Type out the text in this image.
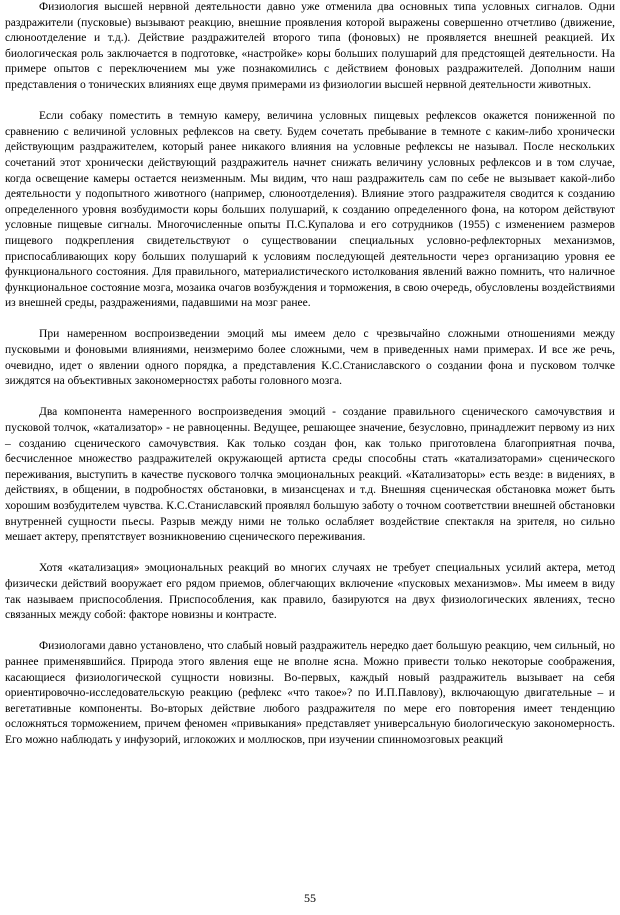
Физиология высшей нервной деятельности давно уже отменила два основных типа условных сигналов. Одни раздражители (пусковые) вызывают реакцию, внешние проявления которой выражены совершенно отчетливо (движение, слюноотделение и т.д.). Действие раздражителей второго типа (фоновых) не проявляется внешней реакцией. Их биологическая роль заключается в подготовке, «настройке» коры больших полушарий для предстоящей деятельности. На примере опытов с переключением мы уже познакомились с действием фоновых раздражителей. Дополним наши представления о тонических влияниях еще двумя примерами из физиологии высшей нервной деятельности животных.

Если собаку поместить в темную камеру, величина условных пищевых рефлексов окажется пониженной по сравнению с величиной условных рефлексов на свету. Будем сочетать пребывание в темноте с каким-либо хронически действующим раздражителем, который ранее никакого влияния на условные рефлексы не называл. После нескольких сочетаний этот хронически действующий раздражитель начнет снижать величину условных рефлексов и в том случае, когда освещение камеры остается неизменным. Мы видим, что наш раздражитель сам по себе не вызывает какой-либо деятельности у подопытного животного (например, слюноотделения). Влияние этого раздражителя сводится к созданию определенного уровня возбудимости коры больших полушарий, к созданию определенного фона, на котором действуют условные пищевые сигналы. Многочисленные опыты П.С.Купалова и его сотрудников (1955) с изменением размеров пищевого подкрепления свидетельствуют о существовании специальных условно-рефлекторных механизмов, приспосабливающих кору больших полушарий к условиям последующей деятельности через организацию уровня ее функционального состояния. Для правильного, материалистического истолкования явлений важно помнить, что наличное функциональное состояние мозга, мозаика очагов возбуждения и торможения, в свою очередь, обусловлены воздействиями из внешней среды, раздражениями, падавшими на мозг ранее.

При намеренном воспроизведении эмоций мы имеем дело с чрезвычайно сложными отношениями между пусковыми и фоновыми влияниями, неизмеримо более сложными, чем в приведенных нами примерах. И все же речь, очевидно, идет о явлении одного порядка, а представления К.С.Станиславского о создании фона и пусковом толчке зиждятся на объективных закономерностях работы головного мозга.

Два компонента намеренного воспроизведения эмоций - создание правильного сценического самочувствия и пусковой толчок, «катализатор» - не равноценны. Ведущее, решающее значение, безусловно, принадлежит первому из них – созданию сценического самочувствия. Как только создан фон, как только приготовлена благоприятная почва, бесчисленное множество раздражителей окружающей артиста среды способны стать «катализаторами» сценического переживания, выступить в качестве пускового толчка эмоциональных реакций. «Катализаторы» есть везде: в видениях, в действиях, в общении, в подробностях обстановки, в мизансценах и т.д. Внешняя сценическая обстановка может быть хорошим возбудителем чувства. К.С.Станиславский проявлял большую заботу о точном соответствии внешней обстановки внутренней сущности пьесы. Разрыв между ними не только ослабляет воздействие спектакля на зрителя, но сильно мешает актеру, препятствует возникновению сценического переживания.

Хотя «катализация» эмоциональных реакций во многих случаях не требует специальных усилий актера, метод физически действий вооружает его рядом приемов, облегчающих включение «пусковых механизмов». Мы имеем в виду так называем приспособления. Приспособления, как правило, базируются на двух физиологических явлениях, тесно связанных между собой: факторе новизны и контрасте.

Физиологами давно установлено, что слабый новый раздражитель нередко дает большую реакцию, чем сильный, но раннее применявшийся. Природа этого явления еще не вполне ясна. Можно привести только некоторые соображения, касающиеся физиологической сущности новизны. Во-первых, каждый новый раздражитель вызывает на себя ориентировочно-исследовательскую реакцию (рефлекс «что такое»? по И.П.Павлову), включающую двигательные – и вегетативные компоненты. Во-вторых действие любого раздражителя по мере его повторения имеет тенденцию осложняться торможением, причем феномен «привыкания» представляет универсальную биологическую закономерность. Его можно наблюдать у инфузорий, иглокожих и моллюсков, при изучении спинномозговых реакций

55
